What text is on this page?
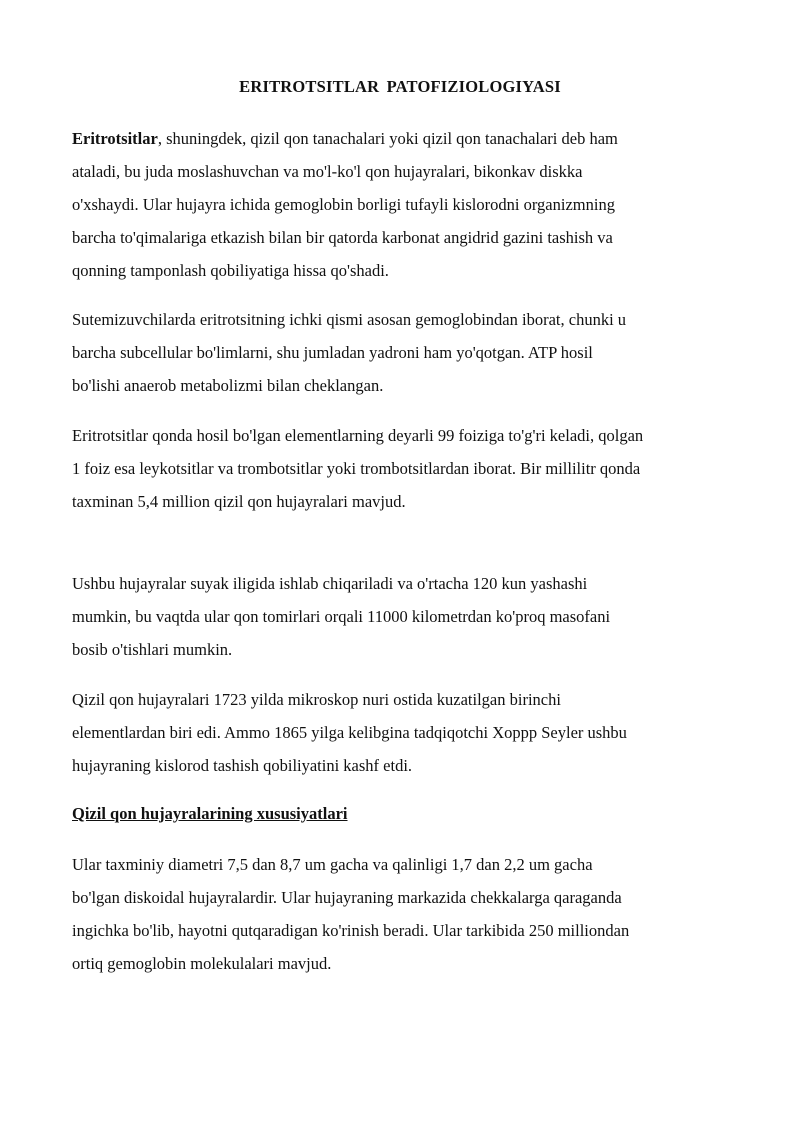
ERITROTSITLAR PATOFIZIOLOGIYASI

Eritrotsitlar, shuningdek, qizil qon tanachalari yoki qizil qon tanachalari deb ham
ataladi, bu juda moslashuvchan va mo'l-ko'l qon hujayralari, bikonkav diskka
o'xshaydi. Ular hujayra ichida gemoglobin borligi tufayli kislorodni organizmning
barcha to'qimalariga etkazish bilan bir qatorda karbonat angidrid gazini tashish va
qonning tamponlash qobiliyatiga hissa qo'shadi.

Sutemizuvchilarda eritrotsitning ichki qismi asosan gemoglobindan iborat, chunki u
barcha subcellular bo'limlarni, shu jumladan yadroni ham yo'qotgan. ATP hosil
bo'lishi anaerob metabolizmi bilan cheklangan.

Eritrotsitlar qonda hosil bo'lgan elementlarning deyarli 99 foiziga to'g'ri keladi, qolgan
1 foiz esa leykotsitlar va trombotsitlar yoki trombotsitlardan iborat. Bir millilitr qonda
taxminan 5,4 million qizil qon hujayralari mavjud.

Ushbu hujayralar suyak iligida ishlab chiqariladi va o'rtacha 120 kun yashashi
mumkin, bu vaqtda ular qon tomirlari orqali 11000 kilometrdan ko'proq masofani
bosib o'tishlari mumkin.

Qizil qon hujayralari 1723 yilda mikroskop nuri ostida kuzatilgan birinchi
elementlardan biri edi. Ammo 1865 yilga kelibgina tadqiqotchi Xoppp Seyler ushbu
hujayraning kislorod tashish qobiliyatini kashf etdi.

Qizil qon hujayralarining xususiyatlari

Ular taxminiy diametri 7,5 dan 8,7 um gacha va qalinligi 1,7 dan 2,2 um gacha
bo'lgan diskoidal hujayralardir. Ular hujayraning markazida chekkalarga qaraganda
ingichka bo'lib, hayotni qutqaradigan ko'rinish beradi. Ular tarkibida 250 milliondan
ortiq gemoglobin molekulalari mavjud.
